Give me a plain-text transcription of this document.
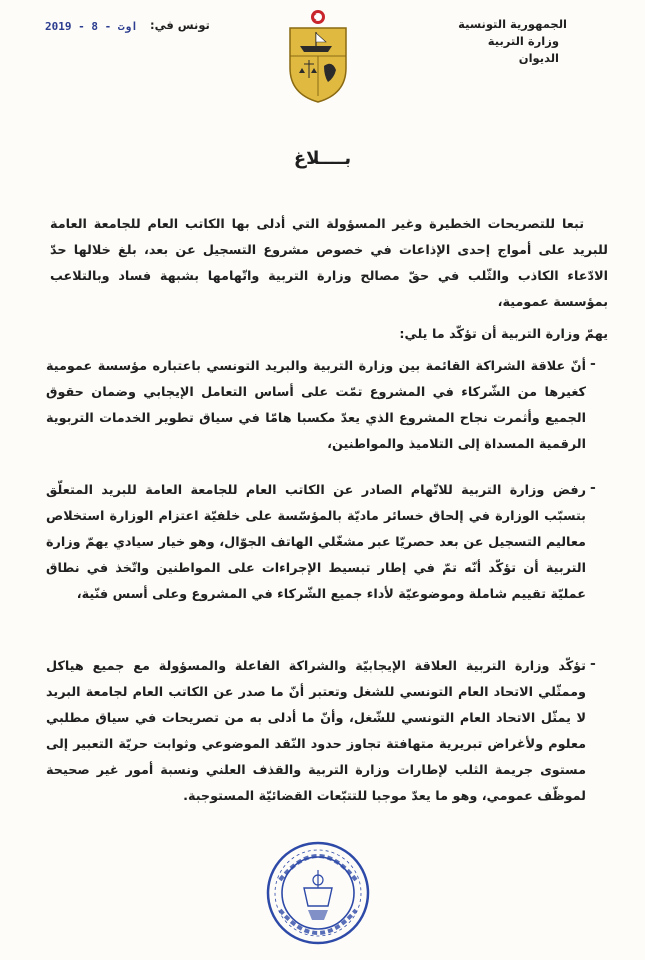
الجمهورية التونسية
وزارة التربية
الديوان
تونس في:
2019 - اوت - 8
بــــلاغ
تبعا للتصريحات الخطيرة وغير المسؤولة التي أدلى بها الكاتب العام للجامعة العامة للبريد على أمواج إحدى الإذاعات في خصوص مشروع التسجيل عن بعد، بلغ خلالها حدّ الادّعاء الكاذب والثّلب في حقّ مصالح وزارة التربية واتّهامها بشبهة فساد وبالتلاعب بمؤسسة عمومية،
يهمّ وزارة التربية أن تؤكّد ما يلي:
-
أنّ علاقة الشراكة القائمة بين وزارة التربية والبريد التونسي باعتباره مؤسسة عمومية كغيرها من الشّركاء في المشروع تمّت على أساس التعامل الإيجابي وضمان حقوق الجميع وأثمرت نجاح المشروع الذي يعدّ مكسبا هامّا في سياق تطوير الخدمات التربوية الرقمية المسداة إلى التلاميذ والمواطنين،
-
رفض وزارة التربية للاتّهام الصادر عن الكاتب العام للجامعة العامة للبريد المتعلّق بتسبّب الوزارة في إلحاق خسائر ماديّة بالمؤسّسة على خلفيّة اعتزام الوزارة استخلاص معاليم التسجيل عن بعد حصريّا عبر مشغّلي الهاتف الجوّال، وهو خيار سيادي يهمّ وزارة التربية أن تؤكّد أنّه تمّ في إطار تبسيط الإجراءات على المواطنين واتّخذ في نطاق عمليّة تقييم شاملة وموضوعيّة لأداء جميع الشّركاء في المشروع وعلى أسس فنّية،
-
تؤكّد وزارة التربية العلاقة الإيجابيّة والشراكة الفاعلة والمسؤولة مع جميع هياكل وممثّلي الاتحاد العام التونسي للشغل وتعتبر أنّ ما صدر عن الكاتب العام لجامعة البريد لا يمثّل الاتحاد العام التونسي للشّغل، وأنّ ما أدلى به من تصريحات في سياق مطلبي معلوم ولأغراض تبريرية متهافتة تجاوز حدود النّقد الموضوعي وثوابت حريّة التعبير إلى مستوى جريمة الثلب لإطارات وزارة التربية والقذف العلني ونسبة أمور غير صحيحة لموظّف عمومي، وهو ما يعدّ موجبا للتتبّعات القضائيّة المستوجبة.
